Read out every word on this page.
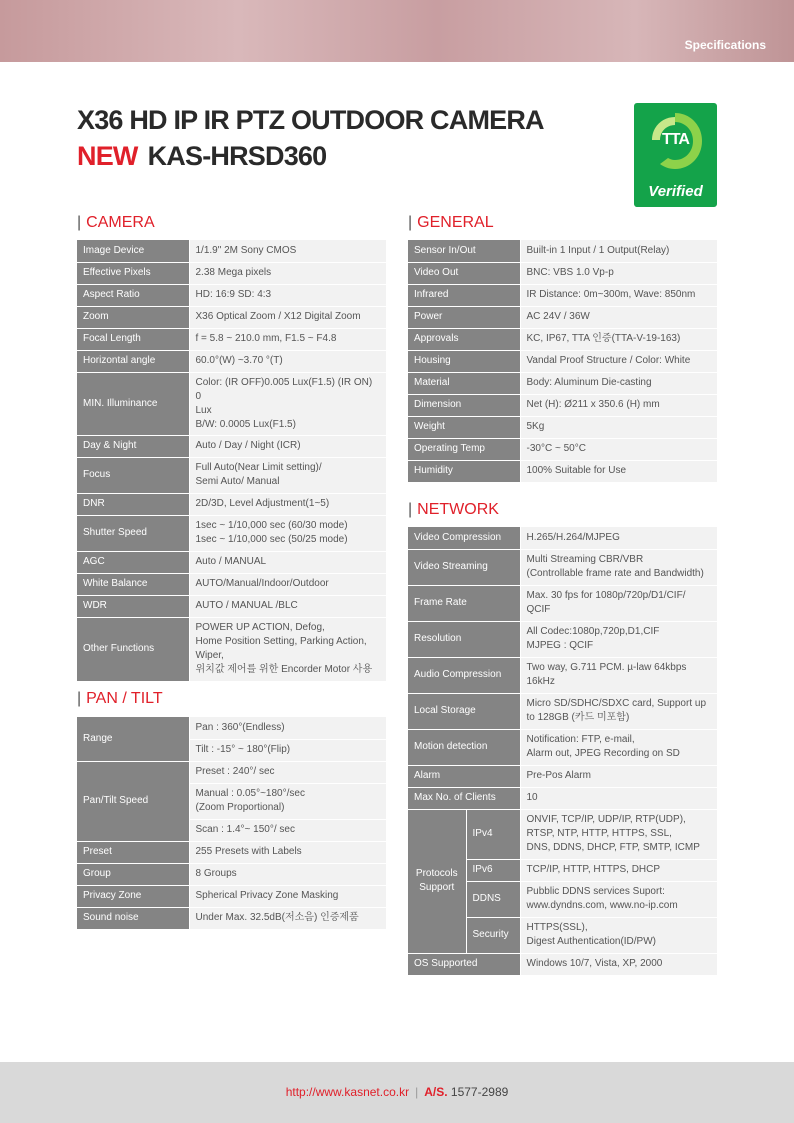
Specifications
X36 HD IP IR PTZ OUTDOOR CAMERA
NEW KAS-HRSD360
TTA
Verified
| CAMERA
Image Device	1/1.9" 2M Sony CMOS
Effective Pixels	2.38 Mega pixels
Aspect Ratio	HD: 16:9 SD: 4:3
Zoom	X36 Optical Zoom / X12 Digital Zoom
Focal Length	f = 5.8 ~ 210.0 mm, F1.5 ~ F4.8
Horizontal angle	60.0°(W) ~3.70 °(T)
MIN. Illuminance	Color: (IR OFF)0.005 Lux(F1.5) (IR ON) 0
Lux
B/W: 0.0005 Lux(F1.5)
Day & Night	Auto / Day / Night (ICR)
Focus	Full Auto(Near Limit setting)/
Semi Auto/ Manual
DNR	2D/3D, Level Adjustment(1~5)
Shutter Speed	1sec ~ 1/10,000 sec (60/30 mode)
1sec ~ 1/10,000 sec (50/25 mode)
AGC	Auto / MANUAL
White Balance	AUTO/Manual/Indoor/Outdoor
WDR	AUTO / MANUAL /BLC
Other Functions	POWER UP ACTION, Defog,
Home Position Setting, Parking Action,
Wiper,
위치값 제어를 위한 Encorder Motor 사용
| PAN / TILT
Range	Pan : 360°(Endless)
	Tilt : -15° ~ 180°(Flip)
Pan/Tilt Speed	Preset : 240°/ sec
	Manual : 0.05°~180°/sec
(Zoom Proportional)
	Scan : 1.4°~ 150°/ sec
Preset	255 Presets with Labels
Group	8 Groups
Privacy Zone	Spherical Privacy Zone Masking
Sound noise	Under Max. 32.5dB(저소음) 인증제품
| GENERAL
Sensor In/Out	Built-in 1 Input / 1 Output(Relay)
Video Out	BNC: VBS 1.0 Vp-p
Infrared	IR Distance: 0m~300m, Wave: 850nm
Power	AC 24V / 36W
Approvals	KC, IP67, TTA 인증(TTA-V-19-163)
Housing	Vandal Proof Structure / Color: White
Material	Body: Aluminum Die-casting
Dimension	Net (H): Ø211 x 350.6 (H) mm
Weight	5Kg
Operating Temp	-30°C ~ 50°C
Humidity	100% Suitable for Use
| NETWORK
Video Compression		H.265/H.264/MJPEG
Video Streaming		Multi Streaming CBR/VBR
(Controllable frame rate and Bandwidth)
Frame Rate		Max. 30 fps for 1080p/720p/D1/CIF/
QCIF
Resolution		All Codec:1080p,720p,D1,CIF
MJPEG : QCIF
Audio Compression		Two way, G.711 PCM. µ-law 64kbps
16kHz
Local Storage		Micro SD/SDHC/SDXC card, Support up
to 128GB (카드 미포함)
Motion detection		Notification: FTP, e-mail,
Alarm out, JPEG Recording on SD
Alarm		Pre-Pos Alarm
Max No. of Clients		10
Protocols
Support	IPv4	ONVIF, TCP/IP, UDP/IP, RTP(UDP),
RTSP, NTP, HTTP, HTTPS, SSL,
DNS, DDNS, DHCP, FTP, SMTP, ICMP
	IPv6	TCP/IP, HTTP, HTTPS, DHCP
	DDNS	Pubblic DDNS services Suport:
www.dyndns.com, www.no-ip.com
	Security	HTTPS(SSL),
Digest Authentication(ID/PW)
OS Supported		Windows 10/7, Vista, XP, 2000
http://www.kasnet.co.kr | A/S. 1577-2989
